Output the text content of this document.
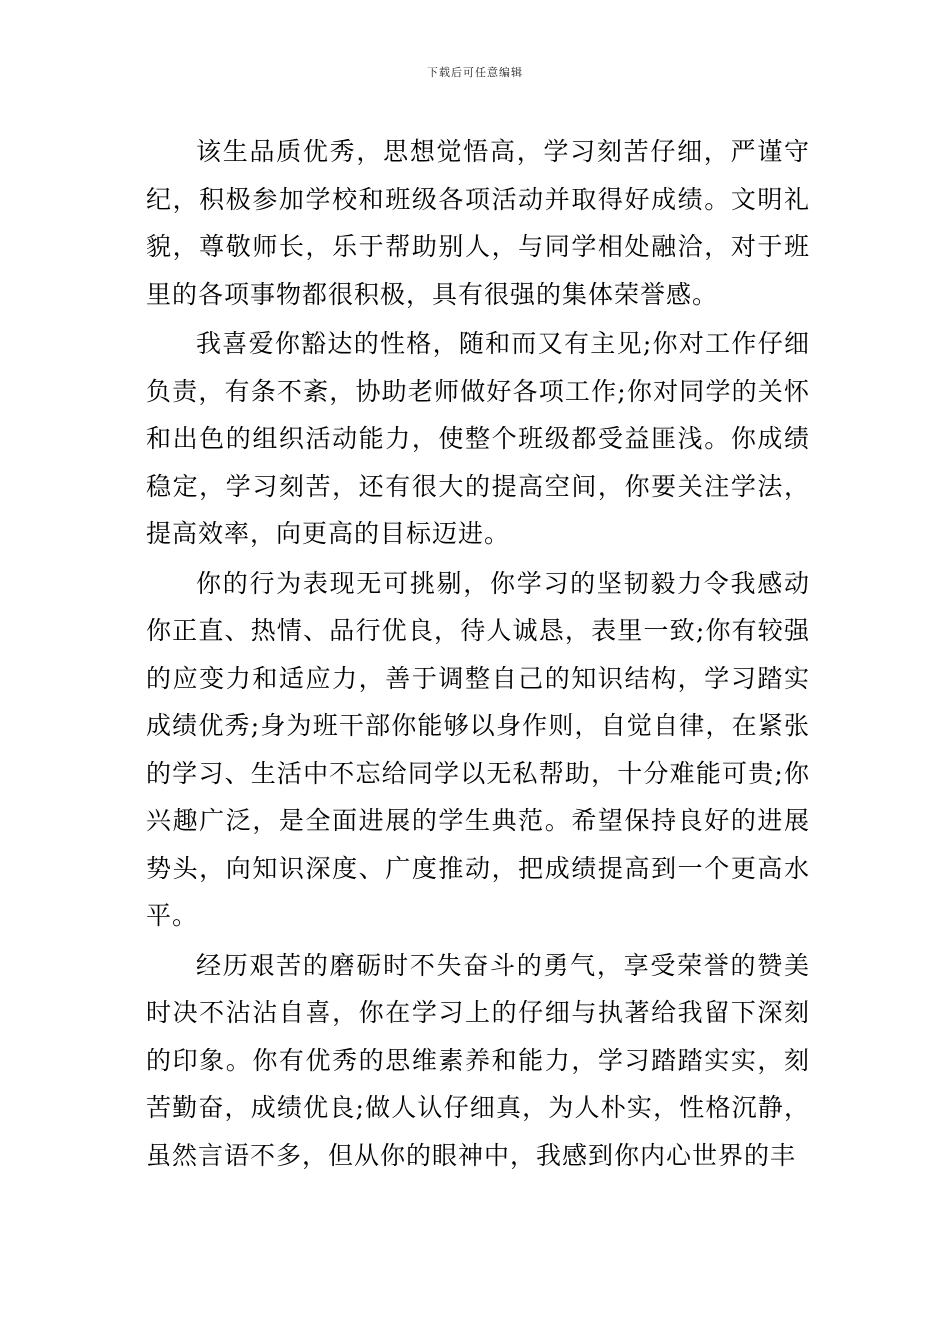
下载后可任意编辑

该生品质优秀，思想觉悟高，学习刻苦仔细，严谨守纪，积极参加学校和班级各项活动并取得好成绩。文明礼貌，尊敬师长，乐于帮助别人，与同学相处融洽，对于班里的各项事物都很积极，具有很强的集体荣誉感。

我喜爱你豁达的性格，随和而又有主见;你对工作仔细负责，有条不紊，协助老师做好各项工作;你对同学的关怀和出色的组织活动能力，使整个班级都受益匪浅。你成绩稳定，学习刻苦，还有很大的提高空间，你要关注学法，提高效率，向更高的目标迈进。

你的行为表现无可挑剔，你学习的坚韧毅力令我感动你正直、热情、品行优良，待人诚恳，表里一致;你有较强的应变力和适应力，善于调整自己的知识结构，学习踏实成绩优秀;身为班干部你能够以身作则，自觉自律，在紧张的学习、生活中不忘给同学以无私帮助，十分难能可贵;你兴趣广泛，是全面进展的学生典范。希望保持良好的进展势头，向知识深度、广度推动，把成绩提高到一个更高水平。

经历艰苦的磨砺时不失奋斗的勇气，享受荣誉的赞美时决不沾沾自喜，你在学习上的仔细与执著给我留下深刻的印象。你有优秀的思维素养和能力，学习踏踏实实，刻苦勤奋，成绩优良;做人认仔细真，为人朴实，性格沉静，虽然言语不多，但从你的眼神中，我感到你内心世界的丰
